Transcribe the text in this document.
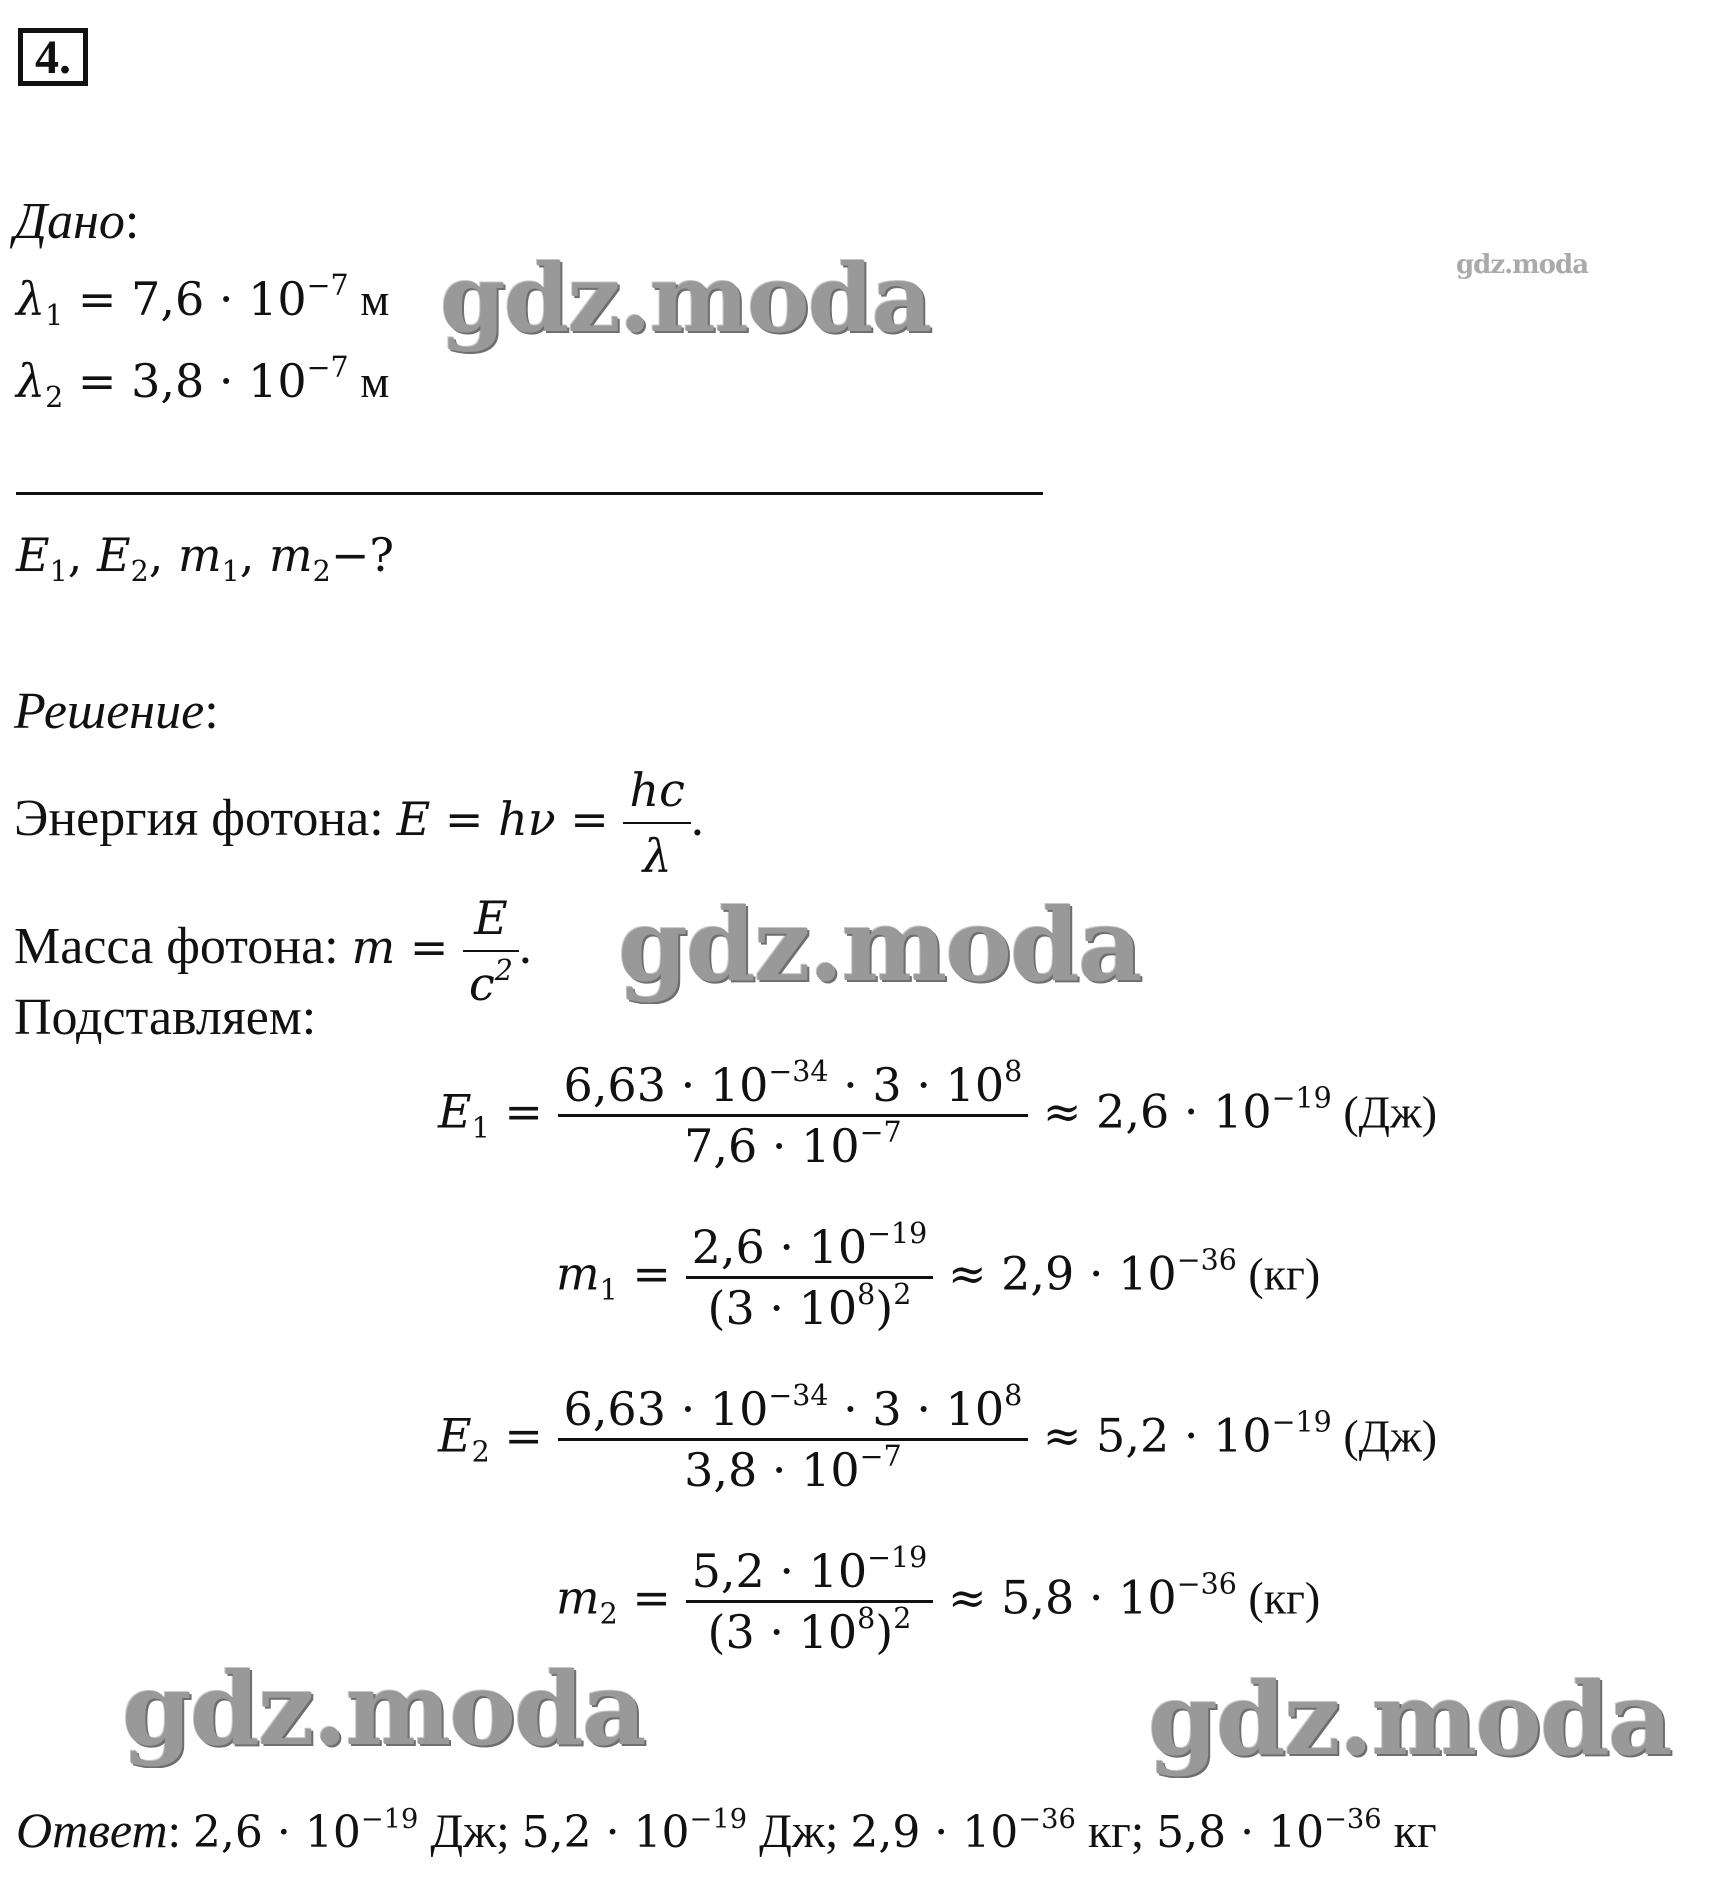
4.
Дано:
$\lambda_1 = 7,6 \cdot 10^{-7}$ м
$\lambda_2 = 3,8 \cdot 10^{-7}$ м
$E_1$, $E_2$, $m_1$, $m_2-$?
Решение:
Энергия фотона: $E = h\nu = \frac{hc}{\lambda}$ .
Масса фотона: $m = \frac{E}{c^2}$ .
Подставляем:
$E_1 = \frac{6,63 \cdot 10^{-34} \cdot 3 \cdot 10^8}{7,6 \cdot 10^{-7}} \approx 2,6 \cdot 10^{-19}$ (Дж)
$m_1 = \frac{2,6 \cdot 10^{-19}}{(3 \cdot 10^8)^2} \approx 2,9 \cdot 10^{-36}$ (кг)
$E_2 = \frac{6,63 \cdot 10^{-34} \cdot 3 \cdot 10^8}{3,8 \cdot 10^{-7}} \approx 5,2 \cdot 10^{-19}$ (Дж)
$m_2 = \frac{5,2 \cdot 10^{-19}}{(3 \cdot 10^8)^2} \approx 5,8 \cdot 10^{-36}$ (кг)
Ответ: $2,6 \cdot 10^{-19}$ Дж; $5,2 \cdot 10^{-19}$ Дж; $2,9 \cdot 10^{-36}$ кг; $5,8 \cdot 10^{-36}$ кг
gdz.moda	gdz.moda
gdz.moda
gdz.moda	gdz.moda
